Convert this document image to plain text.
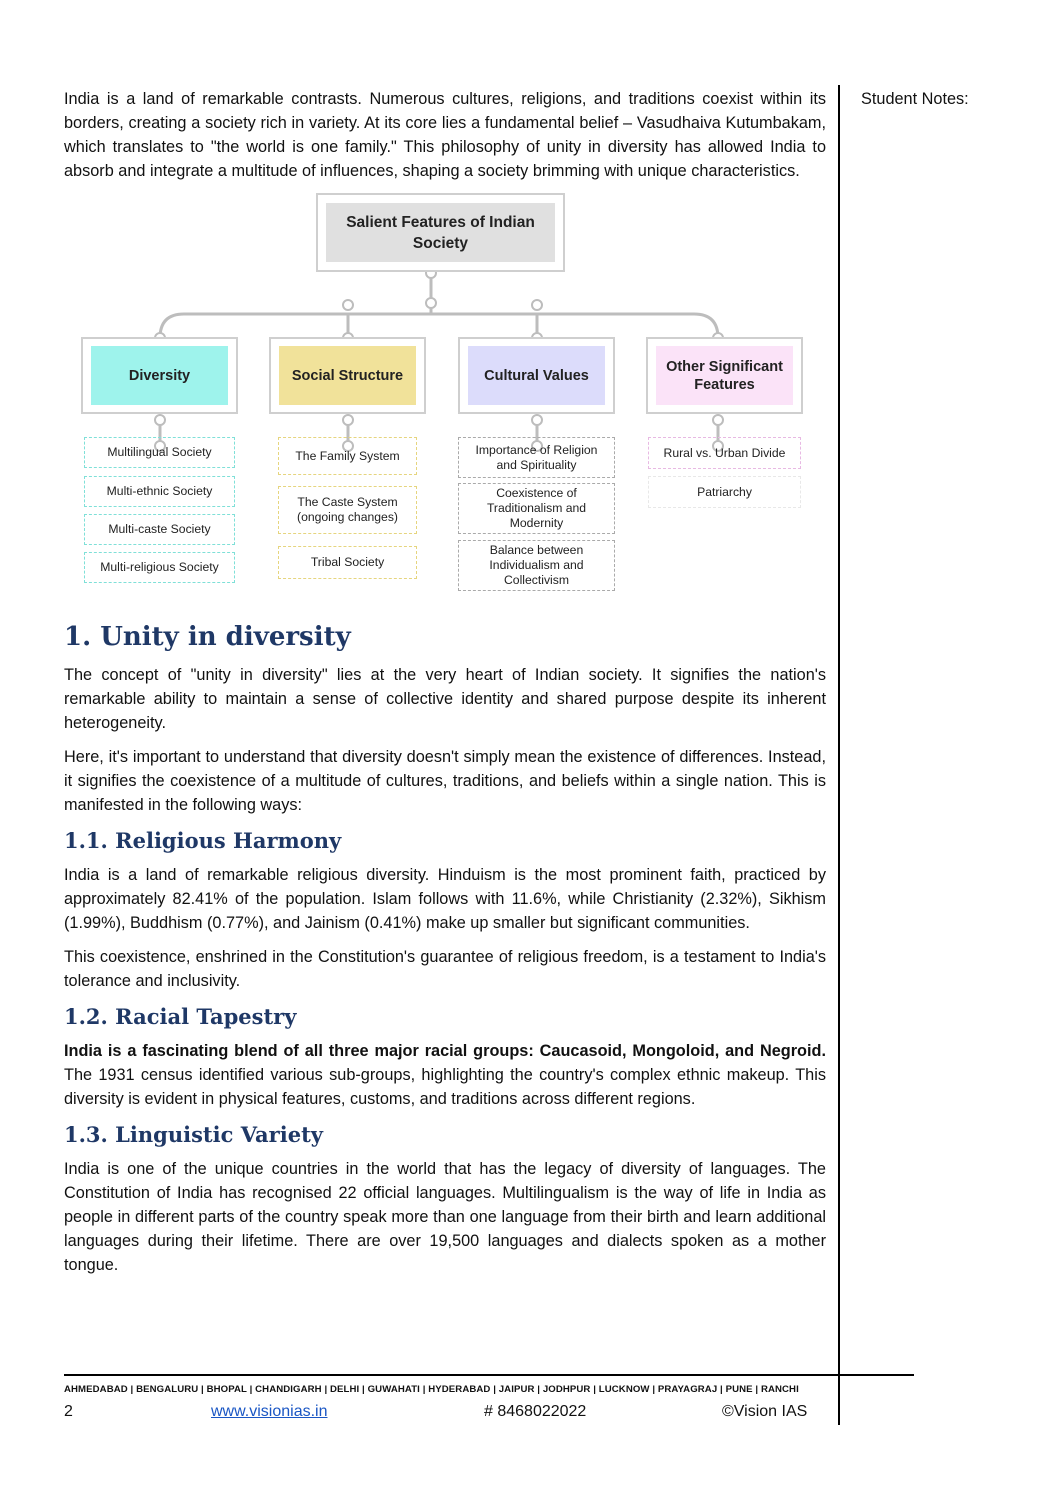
India is a land of remarkable contrasts. Numerous cultures, religions, and traditions coexist within its borders, creating a society rich in variety. At its core lies a fundamental belief – Vasudhaiva Kutumbakam, which translates to "the world is one family." This philosophy of unity in diversity has allowed India to absorb and integrate a multitude of influences, shaping a society brimming with unique characteristics.

Salient Features of Indian Society
Diversity	Social Structure	Cultural Values
Other Significant Features
Multilingual Society
Multi-ethnic Society
Multi-caste Society
Multi-religious Society
The Family System
The Caste System (ongoing changes)
Tribal Society
Importance of Religion and Spirituality
Coexistence of Traditionalism and Modernity
Balance between Individualism and Collectivism
Rural vs. Urban Divide
Patriarchy
1. Unity in diversity

The concept of "unity in diversity" lies at the very heart of Indian society. It signifies the nation's remarkable ability to maintain a sense of collective identity and shared purpose despite its inherent heterogeneity.

Here, it's important to understand that diversity doesn't simply mean the existence of differences. Instead, it signifies the coexistence of a multitude of cultures, traditions, and beliefs within a single nation. This is manifested in the following ways:

1.1. Religious Harmony

India is a land of remarkable religious diversity. Hinduism is the most prominent faith, practiced by approximately 82.41% of the population. Islam follows with 11.6%, while Christianity (2.32%), Sikhism (1.99%), Buddhism (0.77%), and Jainism (0.41%) make up smaller but significant communities.

This coexistence, enshrined in the Constitution's guarantee of religious freedom, is a testament to India's tolerance and inclusivity.

1.2. Racial Tapestry

India is a fascinating blend of all three major racial groups: Caucasoid, Mongoloid, and Negroid. The 1931 census identified various sub-groups, highlighting the country's complex ethnic makeup. This diversity is evident in physical features, customs, and traditions across different regions.

1.3. Linguistic Variety

India is one of the unique countries in the world that has the legacy of diversity of languages. The Constitution of India has recognised 22 official languages. Multilingualism is the way of life in India as people in different parts of the country speak more than one language from their birth and learn additional languages during their lifetime. There are over 19,500 languages and dialects spoken as a mother tongue.

Student Notes:
AHMEDABAD | BENGALURU | BHOPAL | CHANDIGARH | DELHI | GUWAHATI | HYDERABAD | JAIPUR | JODHPUR | LUCKNOW | PRAYAGRAJ | PUNE | RANCHI
2	www.visionias.in	# 8468022022	©Vision IAS
